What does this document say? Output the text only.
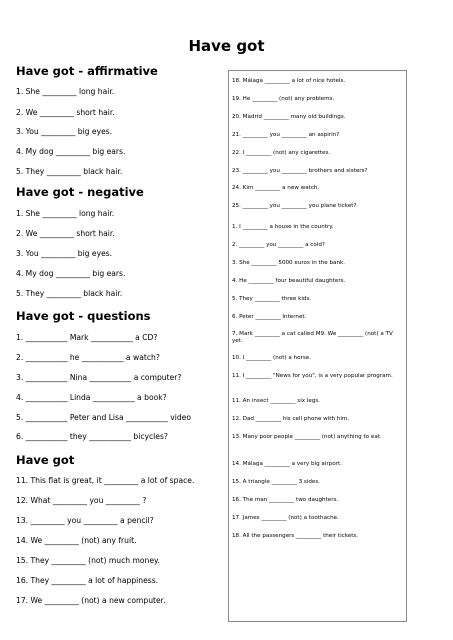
Have got
Have got - affirmative
1. She _________ long hair.
2. We _________ short hair.
3. You _________ big eyes.
4. My dog _________ big ears.
5. They _________ black hair.
Have got - negative
1. She _________ long hair.
2. We _________ short hair.
3. You _________ big eyes.
4. My dog _________ big ears.
5. They _________ black hair.
Have got - questions
1. ___________ Mark ___________ a CD?
2. ___________ he ___________ a watch?
3. ___________ Nina ___________ a computer?
4. ___________ Linda ___________ a book?
5. ___________ Peter and Lisa ___________ video
6. ___________ they ___________ bicycles?
Have got
11. This flat is great, it _________ a lot of space.
12. What _________ you _________ ?
13. _________ you _________ a pencil?
14. We _________ (not) any fruit.
15. They _________ (not) much money.
16. They _________ a lot of happiness.
17. We _________ (not) a new computer.
18. Málaga _________ a lot of nice hotels.
19. He _________ (not) any problems.
20. Madrid _________ many old buildings.
21. _________ you _________ an aspirin?
22. I _________ (not) any cigarettes.
23. _________ you _________ brothers and sisters?
24. Kim _________ a new watch.
25. _________ you _________ you plane ticket?
1. I _________ a house in the country.
2. _________ you _________ a cold?
3. She _________ 5000 euros in the bank.
4. He _________ four beautiful daughters.
5. They _________ three kids.
6. Peter _________ Internet.
7. Mark _________ a cat called M9. We _________ (not) a TV yet.
10. I _________ (not) a horse.
11. I _________ "News for you", is a very popular program.
11. An insect _________ six legs.
12. Dad _________ his cell phone with him.
13. Many poor people _________ (not) anything to eat.
14. Málaga _________ a very big airport.
15. A triangle _________ 3 sides.
16. The man _________ two daughters.
17. James _________ (not) a toothache.
18. All the passengers _________ their tickets.
